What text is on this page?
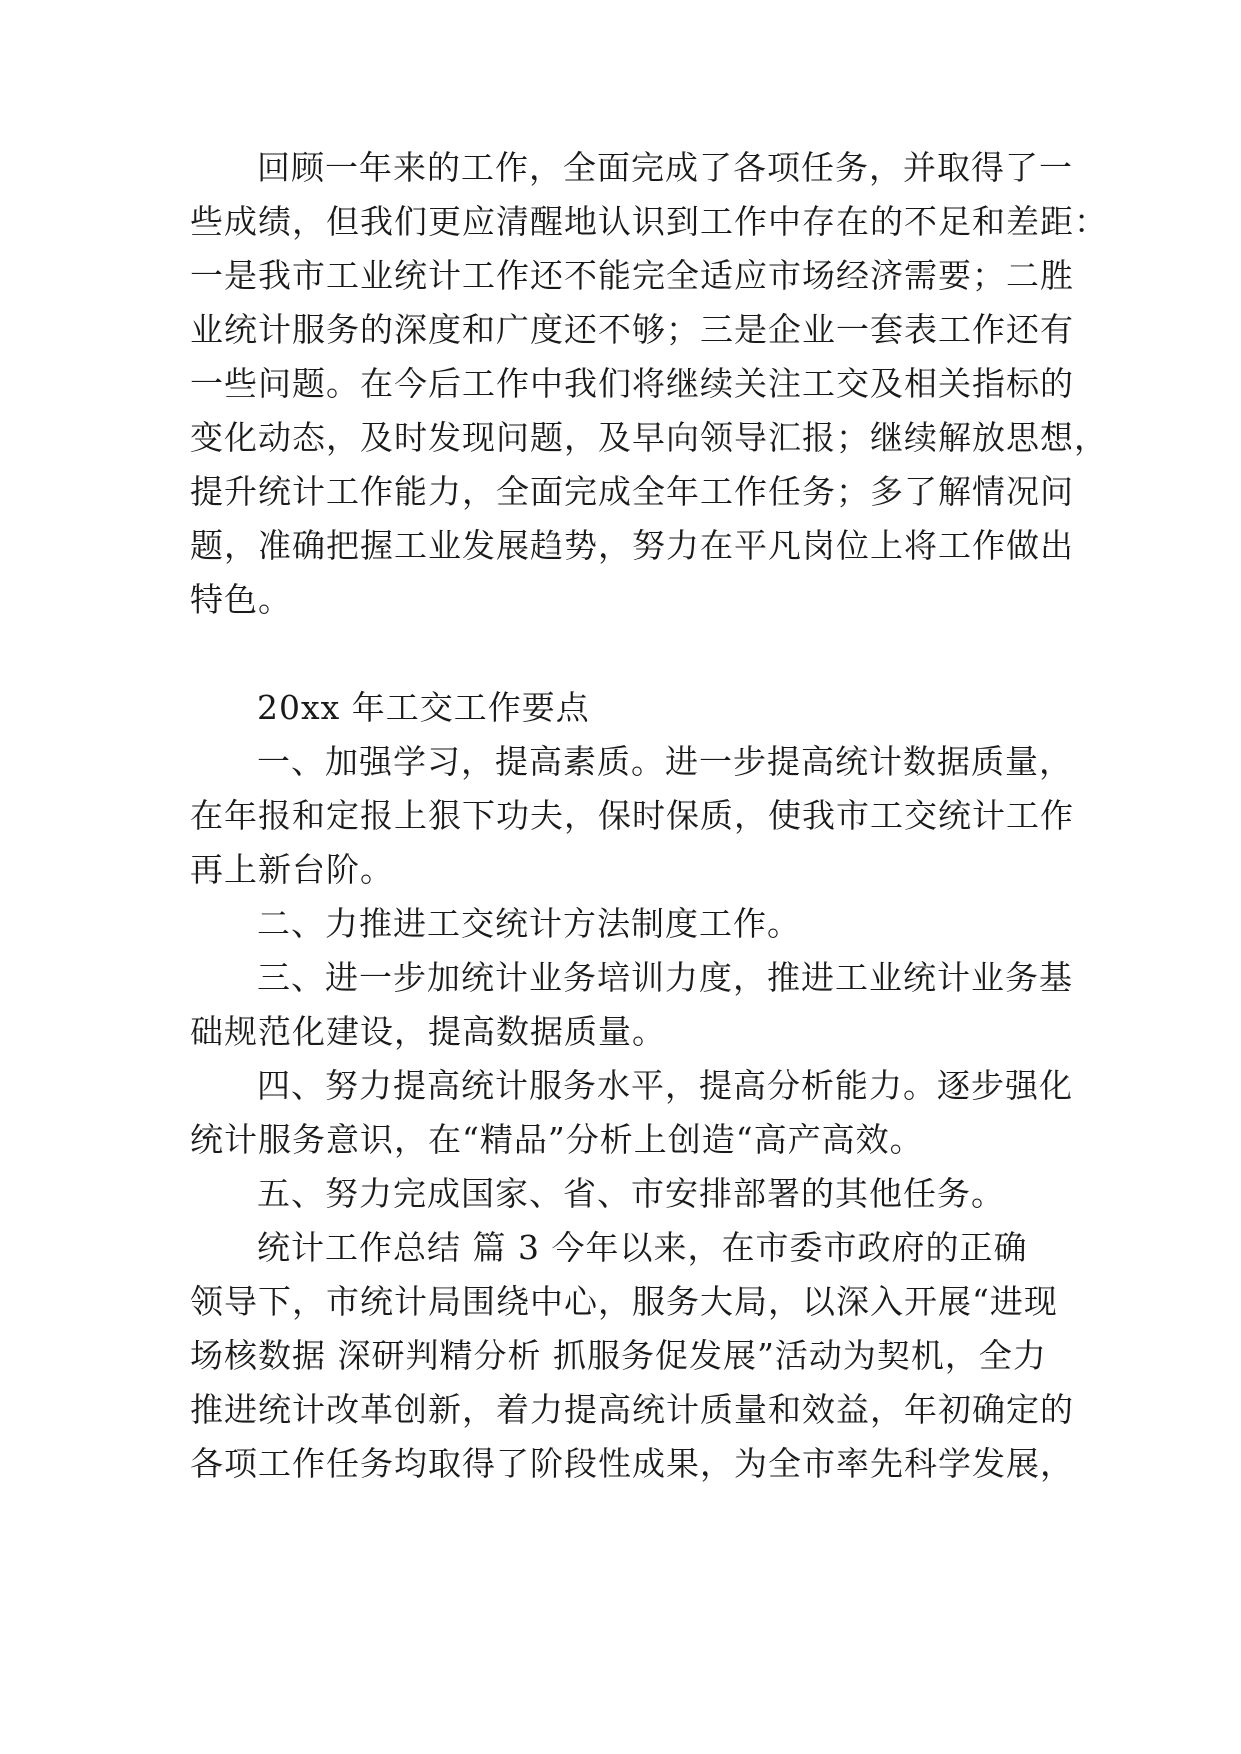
回顾一年来的工作，全面完成了各项任务，并取得了一
些成绩，但我们更应清醒地认识到工作中存在的不足和差距：
一是我市工业统计工作还不能完全适应市场经济需要；二胜
业统计服务的深度和广度还不够；三是企业一套表工作还有
一些问题。在今后工作中我们将继续关注工交及相关指标的
变化动态，及时发现问题，及早向领导汇报；继续解放思想，
提升统计工作能力，全面完成全年工作任务；多了解情况问
题，准确把握工业发展趋势，努力在平凡岗位上将工作做出
特色。
20xx 年工交工作要点
一、加强学习，提高素质。进一步提高统计数据质量，
在年报和定报上狠下功夫，保时保质，使我市工交统计工作
再上新台阶。
二、力推进工交统计方法制度工作。
三、进一步加统计业务培训力度，推进工业统计业务基
础规范化建设，提高数据质量。
四、努力提高统计服务水平，提高分析能力。逐步强化
统计服务意识，在“精品”分析上创造“高产高效。
五、努力完成国家、省、市安排部署的其他任务。
统计工作总结 篇 3 今年以来，在市委市政府的正确
领导下，市统计局围绕中心，服务大局，以深入开展“进现
场核数据 深研判精分析 抓服务促发展”活动为契机，全力
推进统计改革创新，着力提高统计质量和效益，年初确定的
各项工作任务均取得了阶段性成果，为全市率先科学发展，
